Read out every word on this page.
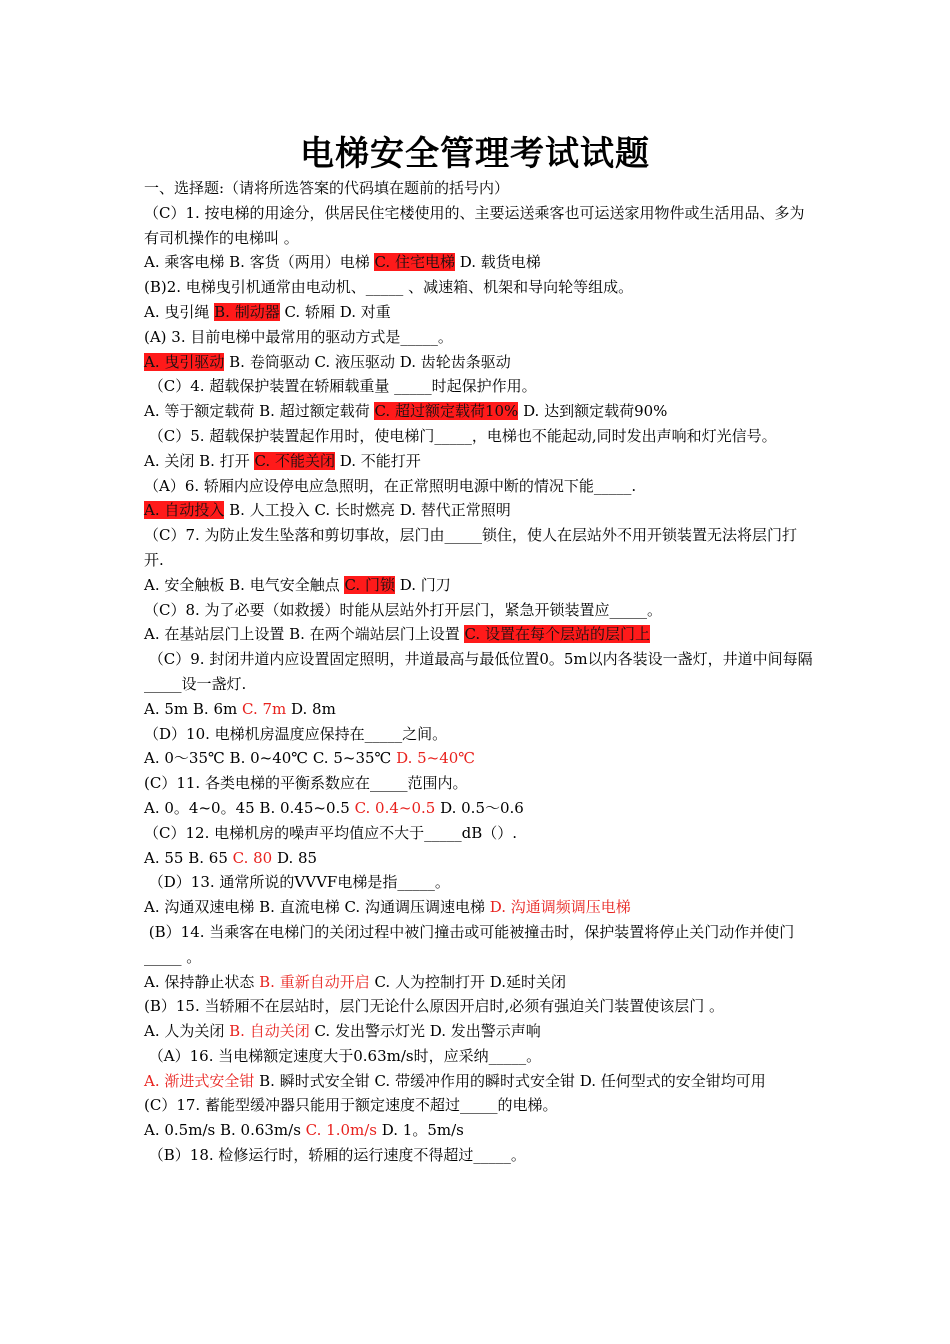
电梯安全管理考试试题
一、选择题:（请将所选答案的代码填在题前的括号内）
（C）1. 按电梯的用途分，供居民住宅楼使用的、主要运送乘客也可运送家用物件或生活用品、多为有司机操作的电梯叫 。
A. 乘客电梯 B. 客货（两用）电梯 C. 住宅电梯 D. 载货电梯
(B)2. 电梯曳引机通常由电动机、_____ 、减速箱、机架和导向轮等组成。
A. 曳引绳 B. 制动器 C. 轿厢 D. 对重
(A) 3. 目前电梯中最常用的驱动方式是_____。
A. 曳引驱动 B. 卷筒驱动 C. 液压驱动 D. 齿轮齿条驱动
（C）4. 超载保护装置在轿厢载重量 _____时起保护作用。
A. 等于额定载荷 B. 超过额定载荷 C. 超过额定载荷10% D. 达到额定载荷90%
（C）5. 超载保护装置起作用时，使电梯门_____，电梯也不能起动,同时发出声响和灯光信号。
A. 关闭 B. 打开 C. 不能关闭 D. 不能打开
（A）6. 轿厢内应设停电应急照明，在正常照明电源中断的情况下能_____.
A. 自动投入 B. 人工投入 C. 长时燃亮 D. 替代正常照明
（C）7. 为防止发生坠落和剪切事故，层门由_____锁住，使人在层站外不用开锁装置无法将层门打开.
A. 安全触板 B. 电气安全触点 C. 门锁 D. 门刀
（C）8. 为了必要（如救援）时能从层站外打开层门，紧急开锁装置应_____。
A. 在基站层门上设置 B. 在两个端站层门上设置 C. 设置在每个层站的层门上
（C）9. 封闭井道内应设置固定照明，井道最高与最低位置0。5m以内各装设一盏灯，井道中间每隔_____设一盏灯.
A. 5m B. 6m C. 7m D. 8m
（D）10. 电梯机房温度应保持在_____之间。
A. 0～35℃ B. 0~40℃ C. 5~35℃ D. 5~40℃
(C）11. 各类电梯的平衡系数应在_____范围内。
A. 0。4~0。45 B. 0.45~0.5 C. 0.4~0.5 D. 0.5～0.6
（C）12. 电梯机房的噪声平均值应不大于_____dB（）.
A. 55 B. 65 C. 80 D. 85
（D）13. 通常所说的VVVF电梯是指_____。
A. 沟通双速电梯 B. 直流电梯 C. 沟通调压调速电梯 D. 沟通调频调压电梯
(B）14. 当乘客在电梯门的关闭过程中被门撞击或可能被撞击时，保护装置将停止关门动作并使门 _____ 。
A. 保持静止状态 B. 重新自动开启 C. 人为控制打开 D.延时关闭
(B）15. 当轿厢不在层站时，层门无论什么原因开启时,必须有强迫关门装置使该层门 。
A. 人为关闭 B. 自动关闭 C. 发出警示灯光 D. 发出警示声响
（A）16. 当电梯额定速度大于0.63m/s时，应采纳_____。
A. 渐进式安全钳 B. 瞬时式安全钳 C. 带缓冲作用的瞬时式安全钳 D. 任何型式的安全钳均可用
(C）17. 蓄能型缓冲器只能用于额定速度不超过_____的电梯。
A. 0.5m/s B. 0.63m/s C. 1.0m/s D. 1。5m/s
（B）18. 检修运行时，轿厢的运行速度不得超过_____。
